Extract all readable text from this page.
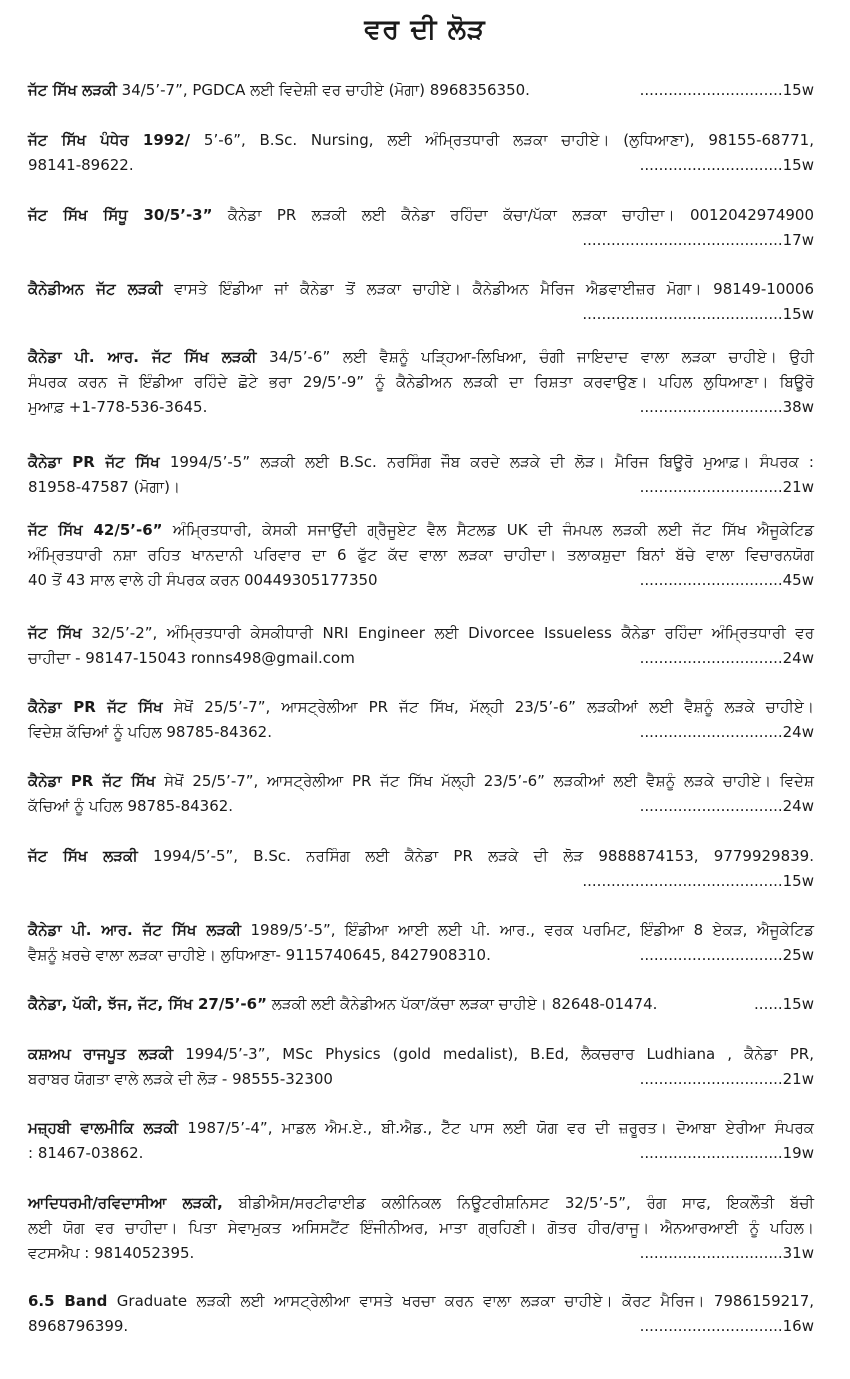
ਵਰ ਦੀ ਲੋੜ
..............................15w
ਜੱਟ ਸਿੱਖ ਲੜਕੀ 34/5’-7”, PGDCA ਲਈ ਵਿਦੇਸ਼ੀ ਵਰ ਚਾਹੀਏ (ਮੋਗਾ) 8968356350.
ਜੱਟ ਸਿੱਖ ਪੰਧੇਰ 1992/ 5’-6”, B.Sc. Nursing, ਲਈ ਅੰਮ੍ਰਿਤਧਾਰੀ ਲੜਕਾ ਚਾਹੀਏ। (ਲੁਧਿਆਣਾ), 98155-68771,
..............................15w
98141-89622.
ਜੱਟ ਸਿੱਖ ਸਿੱਧੂ 30/5’-3” ਕੈਨੇਡਾ PR ਲੜਕੀ ਲਈ ਕੈਨੇਡਾ ਰਹਿੰਦਾ ਕੱਚਾ/ਪੱਕਾ ਲੜਕਾ ਚਾਹੀਦਾ। 0012042974900
..........................................17w
ਕੈਨੇਡੀਅਨ ਜੱਟ ਲੜਕੀ ਵਾਸਤੇ ਇੰਡੀਆ ਜਾਂ ਕੈਨੇਡਾ ਤੋਂ ਲੜਕਾ ਚਾਹੀਏ। ਕੈਨੇਡੀਅਨ ਮੈਰਿਜ ਐਡਵਾਈਜ਼ਰ ਮੋਗਾ। 98149-10006
..........................................15w
ਕੈਨੇਡਾ ਪੀ. ਆਰ. ਜੱਟ ਸਿੱਖ ਲੜਕੀ 34/5’-6” ਲਈ ਵੈਸ਼ਨੂੰ ਪੜ੍ਹਿਆ-ਲਿਖਿਆ, ਚੰਗੀ ਜਾਇਦਾਦ ਵਾਲਾ ਲੜਕਾ ਚਾਹੀਏ। ਉਹੀ
ਸੰਪਰਕ ਕਰਨ ਜੋ ਇੰਡੀਆ ਰਹਿੰਦੇ ਛੋਟੇ ਭਰਾ 29/5’-9” ਨੂੰ ਕੈਨੇਡੀਅਨ ਲੜਕੀ ਦਾ ਰਿਸ਼ਤਾ ਕਰਵਾਉਣ। ਪਹਿਲ ਲੁਧਿਆਣਾ। ਬਿਊਰੋ
..............................38w
ਮੁਆਫ਼ +1-778-536-3645.
ਕੈਨੇਡਾ PR ਜੱਟ ਸਿੱਖ 1994/5’-5” ਲੜਕੀ ਲਈ B.Sc. ਨਰਸਿੰਗ ਜੌਬ ਕਰਦੇ ਲੜਕੇ ਦੀ ਲੋੜ। ਮੈਰਿਜ ਬਿਊਰੋ ਮੁਆਫ਼। ਸੰਪਰਕ :
..............................21w
81958-47587 (ਮੋਗਾ)।
ਜੱਟ ਸਿੱਖ 42/5’-6” ਅੰਮ੍ਰਿਤਧਾਰੀ, ਕੇਸਕੀ ਸਜਾਉਂਦੀ ਗ੍ਰੈਜੂਏਟ ਵੈਲ ਸੈਟਲਡ UK ਦੀ ਜੰਮਪਲ ਲੜਕੀ ਲਈ ਜੱਟ ਸਿੱਖ ਐਜੂਕੇਟਿਡ
ਅੰਮ੍ਰਿਤਧਾਰੀ ਨਸ਼ਾ ਰਹਿਤ ਖਾਨਦਾਨੀ ਪਰਿਵਾਰ ਦਾ 6 ਫੁੱਟ ਕੱਦ ਵਾਲਾ ਲੜਕਾ ਚਾਹੀਦਾ। ਤਲਾਕਸ਼ੁਦਾ ਬਿਨਾਂ ਬੱਚੇ ਵਾਲਾ ਵਿਚਾਰਨਯੋਗ
..............................45w
40 ਤੋਂ 43 ਸਾਲ ਵਾਲੇ ਹੀ ਸੰਪਰਕ ਕਰਨ 00449305177350
ਜੱਟ ਸਿੱਖ 32/5’-2”, ਅੰਮ੍ਰਿਤਧਾਰੀ ਕੇਸਕੀਧਾਰੀ NRI Engineer ਲਈ Divorcee Issueless ਕੈਨੇਡਾ ਰਹਿੰਦਾ ਅੰਮ੍ਰਿਤਧਾਰੀ ਵਰ
..............................24w
ਚਾਹੀਦਾ - 98147-15043 ronns498@gmail.com
ਕੈਨੇਡਾ PR ਜੱਟ ਸਿੱਖ ਸੇਖੋਂ 25/5’-7”, ਆਸਟ੍ਰੇਲੀਆ PR ਜੱਟ ਸਿੱਖ, ਮੱਲ੍ਹੀ 23/5’-6” ਲੜਕੀਆਂ ਲਈ ਵੈਸ਼ਨੂੰ ਲੜਕੇ ਚਾਹੀਏ।
..............................24w
ਵਿਦੇਸ਼ ਕੱਚਿਆਂ ਨੂੰ ਪਹਿਲ 98785-84362.
ਕੈਨੇਡਾ PR ਜੱਟ ਸਿੱਖ ਸੇਖੋਂ 25/5’-7”, ਆਸਟ੍ਰੇਲੀਆ PR ਜੱਟ ਸਿੱਖ ਮੱਲ੍ਹੀ 23/5’-6” ਲੜਕੀਆਂ ਲਈ ਵੈਸ਼ਨੂੰ ਲੜਕੇ ਚਾਹੀਏ। ਵਿਦੇਸ਼
..............................24w
ਕੱਚਿਆਂ ਨੂੰ ਪਹਿਲ 98785-84362.
ਜੱਟ ਸਿੱਖ ਲੜਕੀ 1994/5’-5”, B.Sc. ਨਰਸਿੰਗ ਲਈ ਕੈਨੇਡਾ PR ਲੜਕੇ ਦੀ ਲੋੜ 9888874153, 9779929839.
..........................................15w
ਕੈਨੇਡਾ ਪੀ. ਆਰ. ਜੱਟ ਸਿੱਖ ਲੜਕੀ 1989/5’-5”, ਇੰਡੀਆ ਆਈ ਲਈ ਪੀ. ਆਰ., ਵਰਕ ਪਰਮਿਟ, ਇੰਡੀਆ 8 ਏਕੜ, ਐਜੂਕੇਟਿਡ
..............................25w
ਵੈਸ਼ਨੂੰ ਖ਼ਰਚੇ ਵਾਲਾ ਲੜਕਾ ਚਾਹੀਏ। ਲੁਧਿਆਣਾ- 9115740645, 8427908310.
......15w
ਕੈਨੇਡਾ, ਪੱਕੀ, ਝੱਜ, ਜੱਟ, ਸਿੱਖ 27/5’-6” ਲੜਕੀ ਲਈ ਕੈਨੇਡੀਅਨ ਪੱਕਾ/ਕੱਚਾ ਲੜਕਾ ਚਾਹੀਏ। 82648-01474.
ਕਸ਼ਅਪ ਰਾਜਪੂਤ ਲੜਕੀ 1994/5’-3”, MSc Physics (gold medalist), B.Ed, ਲੈਕਚਰਾਰ Ludhiana , ਕੈਨੇਡਾ PR,
..............................21w
ਬਰਾਬਰ ਯੋਗਤਾ ਵਾਲੇ ਲੜਕੇ ਦੀ ਲੋੜ - 98555-32300
ਮਜ਼੍ਹਬੀ ਵਾਲਮੀਕਿ ਲੜਕੀ 1987/5’-4”, ਮਾਡਲ ਐਮ.ਏ., ਬੀ.ਐਡ., ਟੈੱਟ ਪਾਸ ਲਈ ਯੋਗ ਵਰ ਦੀ ਜ਼ਰੂਰਤ। ਦੋਆਬਾ ਏਰੀਆ ਸੰਪਰਕ
..............................19w
: 81467-03862.
ਆਦਿਧਰਮੀ/ਰਵਿਦਾਸੀਆ ਲੜਕੀ, ਬੀਡੀਐਸ/ਸਰਟੀਫਾਈਡ ਕਲੀਨਿਕਲ ਨਿਊਟਰੀਸ਼ਨਿਸਟ 32/5’-5”, ਰੰਗ ਸਾਫ, ਇਕਲੌਤੀ ਬੱਚੀ
ਲਈ ਯੋਗ ਵਰ ਚਾਹੀਦਾ। ਪਿਤਾ ਸੇਵਾਮੁਕਤ ਅਸਿਸਟੈਂਟ ਇੰਜੀਨੀਅਰ, ਮਾਤਾ ਗ੍ਰਹਿਣੀ। ਗੋਤਰ ਹੀਰ/ਰਾਜੂ। ਐਨਆਰਆਈ ਨੂੰ ਪਹਿਲ।
..............................31w
ਵਟਸਐਪ : 9814052395.
6.5 Band Graduate ਲੜਕੀ ਲਈ ਆਸਟ੍ਰੇਲੀਆ ਵਾਸਤੇ ਖਰਚਾ ਕਰਨ ਵਾਲਾ ਲੜਕਾ ਚਾਹੀਏ। ਕੋਰਟ ਮੈਰਿਜ। 7986159217,
..............................16w
8968796399.
